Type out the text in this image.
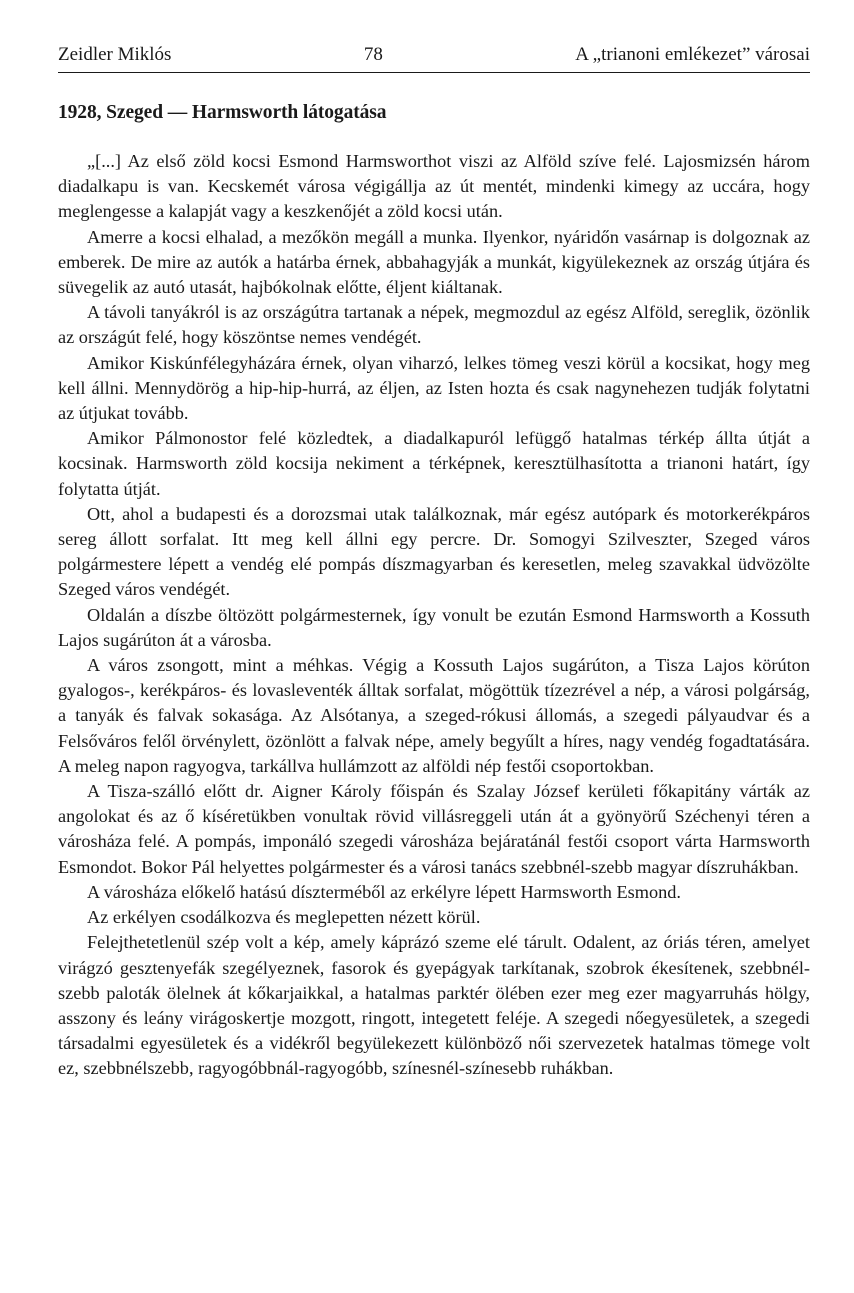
Zeidler Miklós	78	A „trianoni emlékezet” városai
1928, Szeged — Harmsworth látogatása

„[...] Az első zöld kocsi Esmond Harmsworthot viszi az Alföld szíve felé. Lajosmizsén három diadalkapu is van. Kecskemét városa végigállja az út mentét, mindenki kimegy az uccára, hogy meglengesse a kalapját vagy a keszkenőjét a zöld kocsi után.

Amerre a kocsi elhalad, a mezőkön megáll a munka. Ilyenkor, nyáridőn vasárnap is dolgoznak az emberek. De mire az autók a határba érnek, abbahagyják a munkát, kigyülekeznek az ország útjára és süvegelik az autó utasát, hajbókolnak előtte, éljent kiáltanak.

A távoli tanyákról is az országútra tartanak a népek, megmozdul az egész Alföld, sereglik, özönlik az országút felé, hogy köszöntse nemes vendégét.

Amikor Kiskúnfélegyházára érnek, olyan viharzó, lelkes tömeg veszi körül a kocsikat, hogy meg kell állni. Mennydörög a hip-hip-hurrá, az éljen, az Isten hozta és csak nagynehezen tudják folytatni az útjukat tovább.

Amikor Pálmonostor felé közledtek, a diadalkapuról lefüggő hatalmas térkép állta útját a kocsinak. Harmsworth zöld kocsija nekiment a térképnek, keresztülhasította a trianoni határt, így folytatta útját.

Ott, ahol a budapesti és a dorozsmai utak találkoznak, már egész autópark és motorkerékpáros sereg állott sorfalat. Itt meg kell állni egy percre. Dr. Somogyi Szilveszter, Szeged város polgármestere lépett a vendég elé pompás díszmagyarban és keresetlen, meleg szavakkal üdvözölte Szeged város vendégét.

Oldalán a díszbe öltözött polgármesternek, így vonult be ezután Esmond Harmsworth a Kossuth Lajos sugárúton át a városba.

A város zsongott, mint a méhkas. Végig a Kossuth Lajos sugárúton, a Tisza Lajos körúton gyalogos-, kerékpáros- és lovasleventék álltak sorfalat, mögöttük tízezrével a nép, a városi polgárság, a tanyák és falvak sokasága. Az Alsótanya, a szeged-rókusi állomás, a szegedi pályaudvar és a Felsőváros felől örvénylett, özönlött a falvak népe, amely begyűlt a híres, nagy vendég fogadtatására. A meleg napon ragyogva, tarkállva hullámzott az alföldi nép festői csoportokban.

A Tisza-szálló előtt dr. Aigner Károly főispán és Szalay József kerületi főkapitány várták az angolokat és az ő kíséretükben vonultak rövid villásreggeli után át a gyönyörű Széchenyi téren a városháza felé. A pompás, imponáló szegedi városháza bejáratánál festői csoport várta Harmsworth Esmondot. Bokor Pál helyettes polgármester és a városi tanács szebbnél-szebb magyar díszruhákban.

A városháza előkelő hatású díszterméből az erkélyre lépett Harmsworth Esmond.

Az erkélyen csodálkozva és meglepetten nézett körül.

Felejthetetlenül szép volt a kép, amely káprázó szeme elé tárult. Odalent, az óriás téren, amelyet virágzó gesztenyefák szegélyeznek, fasorok és gyepágyak tarkítanak, szobrok ékesítenek, szebbnél-szebb paloták ölelnek át kőkarjaikkal, a hatalmas parktér ölében ezer meg ezer magyarruhás hölgy, asszony és leány virágoskertje mozgott, ringott, integetett feléje. A szegedi nőegyesületek, a szegedi társadalmi egyesületek és a vidékről begyülekezett különböző női szervezetek hatalmas tömege volt ez, szebbnélszebb, ragyogóbbnál-ragyogóbb, színesnél-színesebb ruhákban.
